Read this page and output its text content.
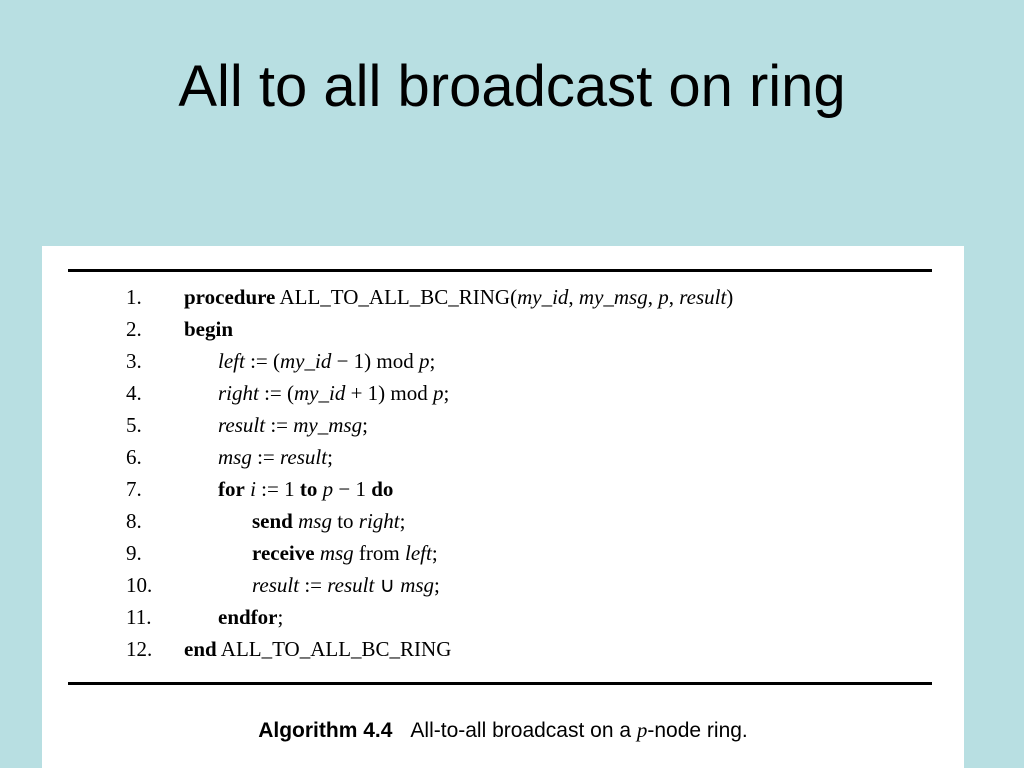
All to all broadcast on ring
1. procedure ALL_TO_ALL_BC_RING(my_id, my_msg, p, result)
2. begin
3.	left := (my_id − 1) mod p;
4.	right := (my_id + 1) mod p;
5.	result := my_msg;
6.	msg := result;
7.	for i := 1 to p − 1 do
8.	send msg to right;
9.	receive msg from left;
10.	result := result ∪ msg;
11.	endfor;
12. end ALL_TO_ALL_BC_RING
Algorithm 4.4 All-to-all broadcast on a p-node ring.
